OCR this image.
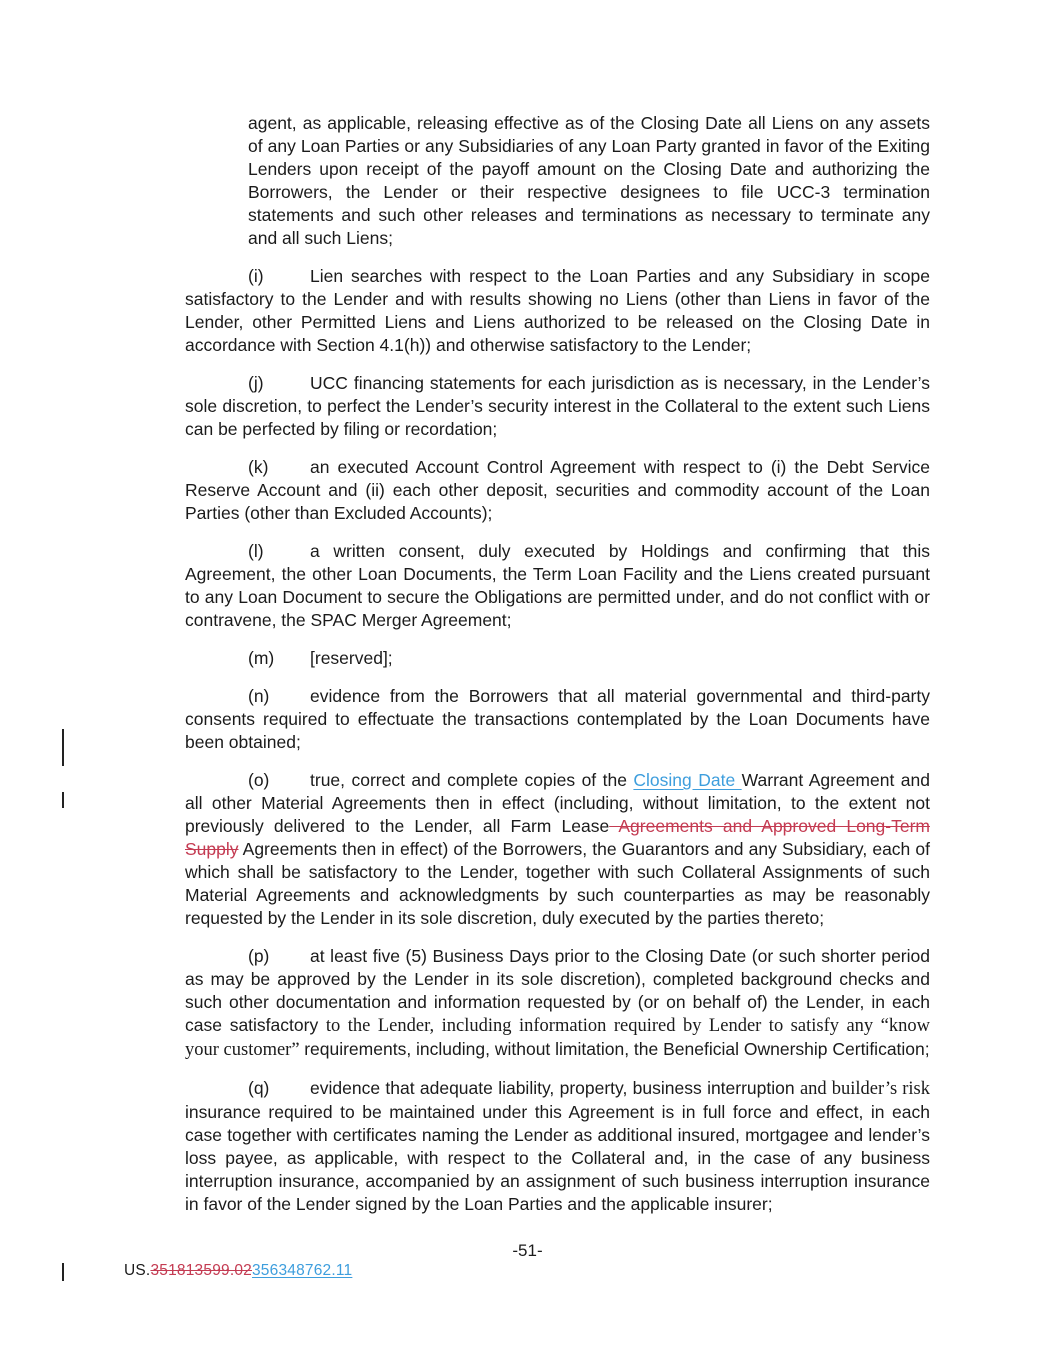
agent, as applicable, releasing effective as of the Closing Date all Liens on any assets of any Loan Parties or any Subsidiaries of any Loan Party granted in favor of the Exiting Lenders upon receipt of the payoff amount on the Closing Date and authorizing the Borrowers, the Lender or their respective designees to file UCC-3 termination statements and such other releases and terminations as necessary to terminate any and all such Liens;

(i)	Lien searches with respect to the Loan Parties and any Subsidiary in scope satisfactory to the Lender and with results showing no Liens (other than Liens in favor of the Lender, other Permitted Liens and Liens authorized to be released on the Closing Date in accordance with Section 4.1(h)) and otherwise satisfactory to the Lender;

(j)	UCC financing statements for each jurisdiction as is necessary, in the Lender’s sole discretion, to perfect the Lender’s security interest in the Collateral to the extent such Liens can be perfected by filing or recordation;

(k) an executed Account Control Agreement with respect to (i) the Debt Service Reserve Account and (ii) each other deposit, securities and commodity account of the Loan Parties (other than Excluded Accounts);

(l)	a written consent, duly executed by Holdings and confirming that this Agreement, the other Loan Documents, the Term Loan Facility and the Liens created pursuant to any Loan Document to secure the Obligations are permitted under, and do not conflict with or contravene, the SPAC Merger Agreement;

(m) [reserved];

(n) evidence from the Borrowers that all material governmental and third-party consents required to effectuate the transactions contemplated by the Loan Documents have been obtained;

(o) true, correct and complete copies of the Closing Date Warrant Agreement and all other Material Agreements then in effect (including, without limitation, to the extent not previously delivered to the Lender, all Farm Lease Agreements and Approved Long-Term Supply Agreements then in effect) of the Borrowers, the Guarantors and any Subsidiary, each of which shall be satisfactory to the Lender, together with such Collateral Assignments of such Material Agreements and acknowledgments by such counterparties as may be reasonably requested by the Lender in its sole discretion, duly executed by the parties thereto;

(p) at least five (5) Business Days prior to the Closing Date (or such shorter period as may be approved by the Lender in its sole discretion), completed background checks and such other documentation and information requested by (or on behalf of) the Lender, in each case satisfactory to the Lender, including information required by Lender to satisfy any “know your customer” requirements, including, without limitation, the Beneficial Ownership Certification;

(q) evidence that adequate liability, property, business interruption and builder’s risk insurance required to be maintained under this Agreement is in full force and effect, in each case together with certificates naming the Lender as additional insured, mortgagee and lender’s loss payee, as applicable, with respect to the Collateral and, in the case of any business interruption insurance, accompanied by an assignment of such business interruption insurance in favor of the Lender signed by the Loan Parties and the applicable insurer;

-51-
US.351813599.02356348762.11
